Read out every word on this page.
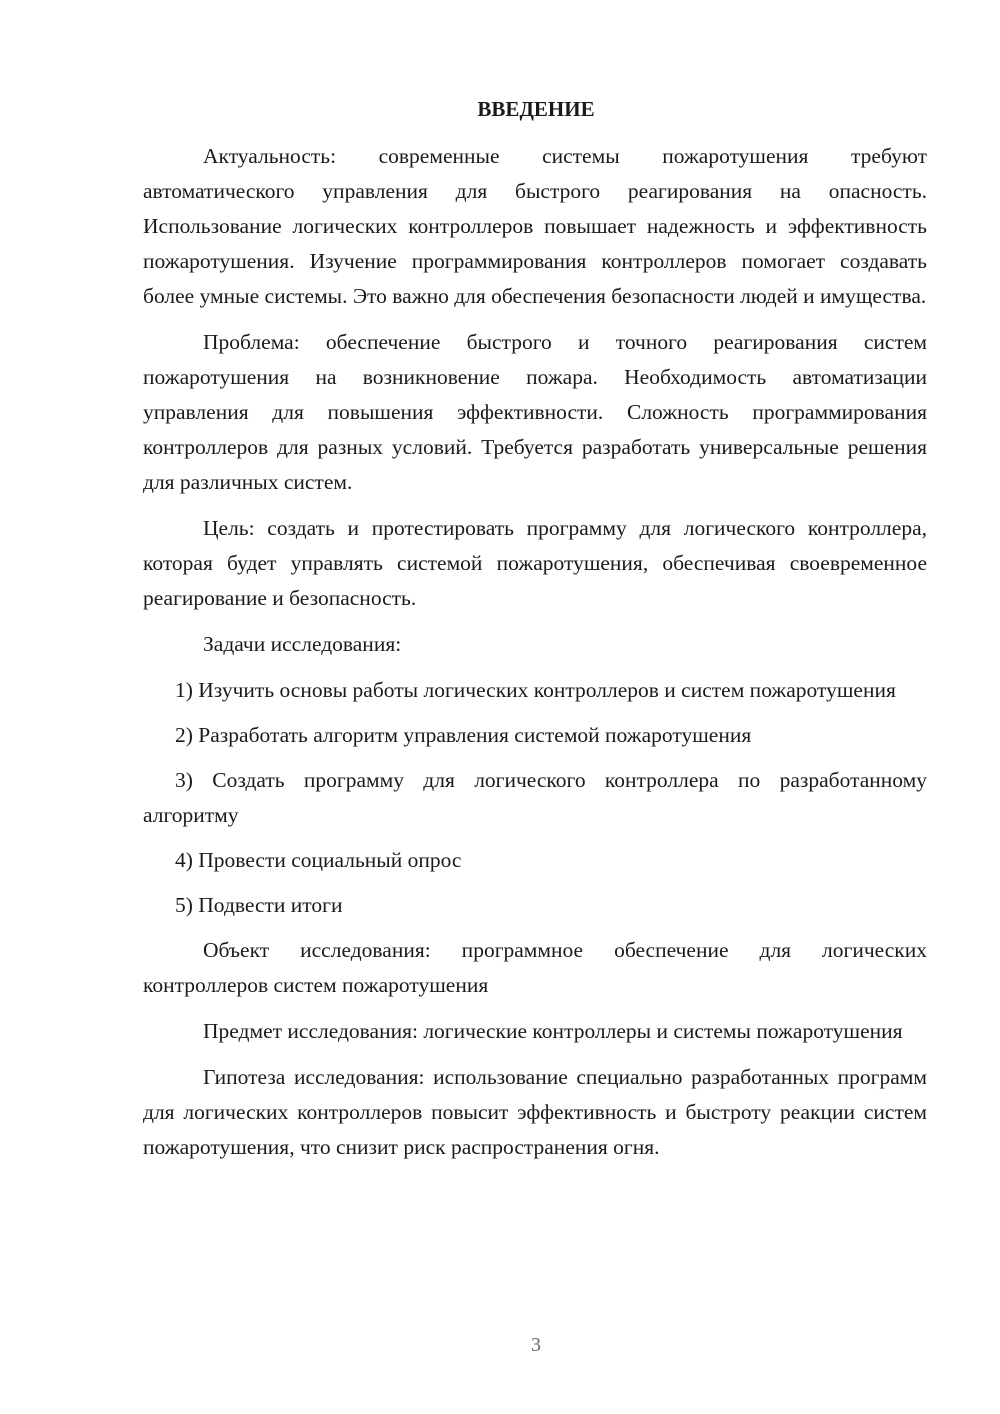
ВВЕДЕНИЕ

Актуальность: современные системы пожаротушения требуют автоматического управления для быстрого реагирования на опасность. Использование логических контроллеров повышает надежность и эффективность пожаротушения. Изучение программирования контроллеров помогает создавать более умные системы. Это важно для обеспечения безопасности людей и имущества.

Проблема: обеспечение быстрого и точного реагирования систем пожаротушения на возникновение пожара. Необходимость автоматизации управления для повышения эффективности. Сложность программирования контроллеров для разных условий. Требуется разработать универсальные решения для различных систем.

Цель: создать и протестировать программу для логического контроллера, которая будет управлять системой пожаротушения, обеспечивая своевременное реагирование и безопасность.

Задачи исследования:

1) Изучить основы работы логических контроллеров и систем пожаротушения

2) Разработать алгоритм управления системой пожаротушения

3) Создать программу для логического контроллера по разработанному алгоритму

4) Провести социальный опрос

5) Подвести итоги

Объект исследования: программное обеспечение для логических контроллеров систем пожаротушения

Предмет исследования: логические контроллеры и системы пожаротушения

Гипотеза исследования: использование специально разработанных программ для логических контроллеров повысит эффективность и быстроту реакции систем пожаротушения, что снизит риск распространения огня.

3
